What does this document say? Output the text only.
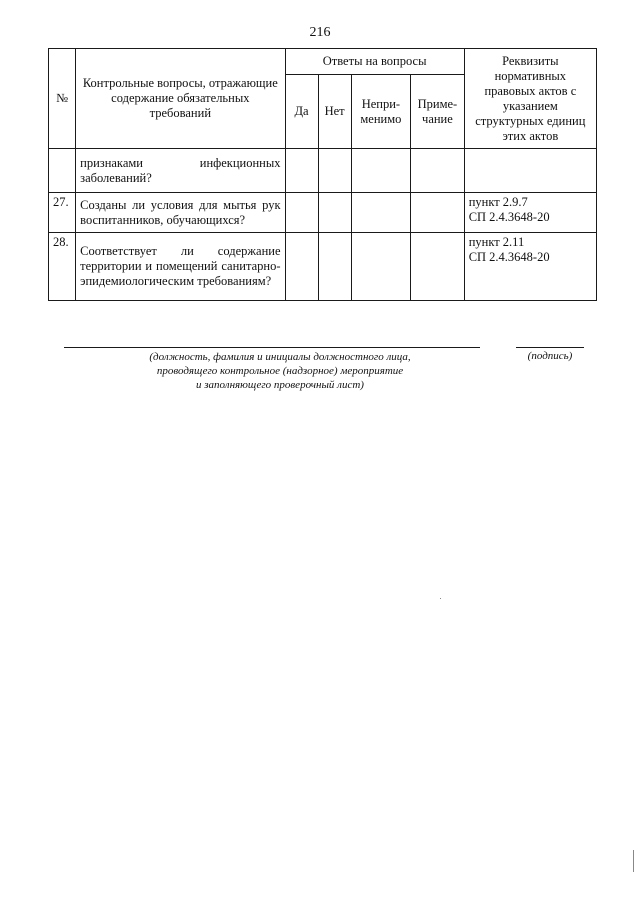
216
№	Контрольные вопросы, отражающие содержание обязательных требований	Ответы на вопросы				Реквизиты нормативных правовых актов с указанием структурных единиц этих актов
		Да	Нет	Непри- менимо	Приме- чание	
	признаками инфекционных заболеваний?					

27.	Созданы ли условия для мытья рук воспитанников, обучающихся?					пункт 2.9.7
СП 2.4.3648-20

28.	Соответствует ли содержание территории и помещений санитарно-эпидемиологическим требованиям?					пункт 2.11
СП 2.4.3648-20
(должность, фамилия и инициалы должностного лица,
проводящего контрольное (надзорное) мероприятие
и заполняющего проверочный лист)
(подпись)
